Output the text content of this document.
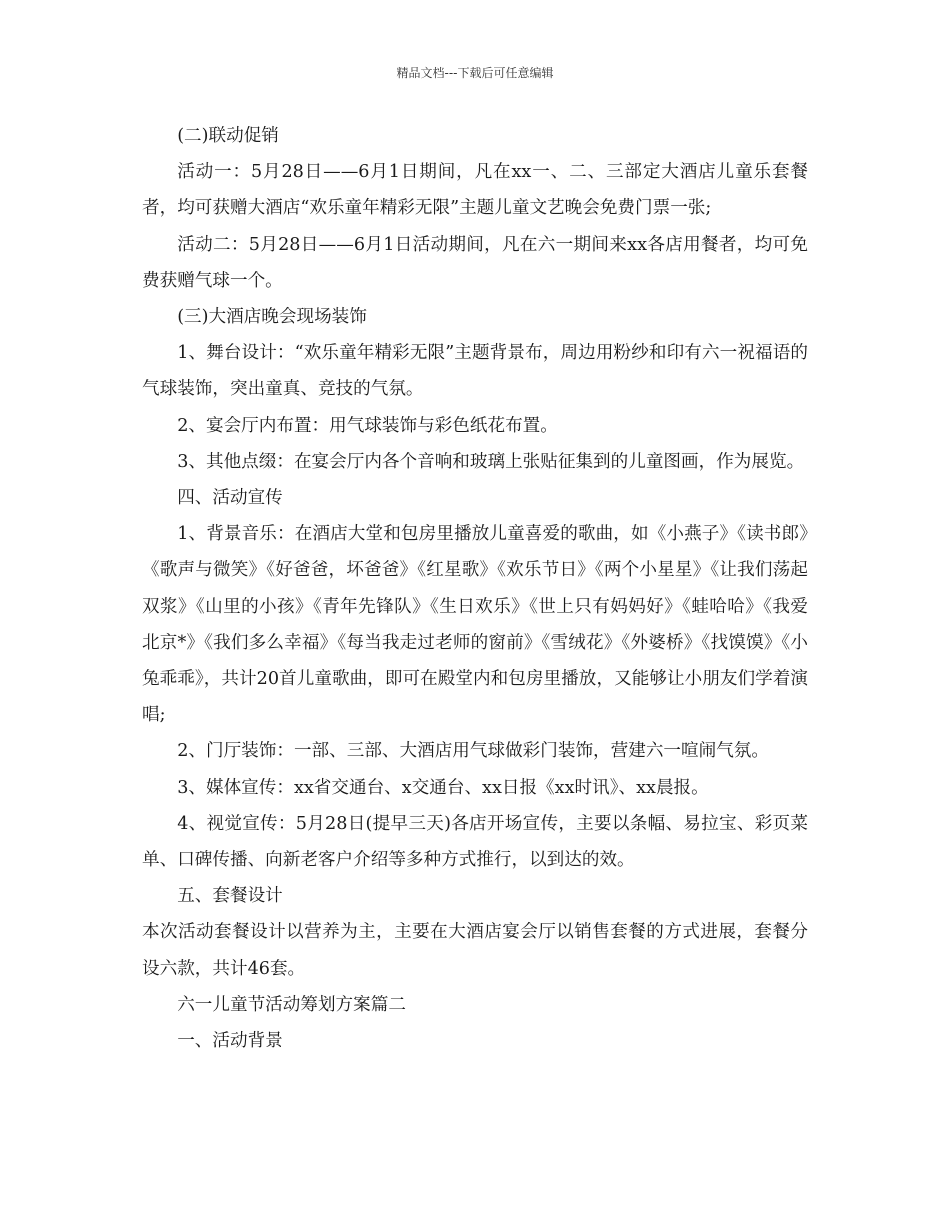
精品文档---下载后可任意编辑

(二)联动促销

活动一：5月28日——6月1日期间，凡在xx一、二、三部定大酒店儿童乐套餐者，均可获赠大酒店“欢乐童年精彩无限”主题儿童文艺晚会免费门票一张;

活动二：5月28日——6月1日活动期间，凡在六一期间来xx各店用餐者，均可免费获赠气球一个。

(三)大酒店晚会现场装饰

1、舞台设计：“欢乐童年精彩无限”主题背景布，周边用粉纱和印有六一祝福语的气球装饰，突出童真、竞技的气氛。

2、宴会厅内布置：用气球装饰与彩色纸花布置。

3、其他点缀：在宴会厅内各个音响和玻璃上张贴征集到的儿童图画，作为展览。

四、活动宣传

1、背景音乐：在酒店大堂和包房里播放儿童喜爱的歌曲，如《小燕子》《读书郎》《歌声与微笑》《好爸爸，坏爸爸》《红星歌》《欢乐节日》《两个小星星》《让我们荡起双浆》《山里的小孩》《青年先锋队》《生日欢乐》《世上只有妈妈好》《蛙哈哈》《我爱北京*》《我们多么幸福》《每当我走过老师的窗前》《雪绒花》《外婆桥》《找馍馍》《小兔乖乖》，共计20首儿童歌曲，即可在殿堂内和包房里播放，又能够让小朋友们学着演唱;

2、门厅装饰：一部、三部、大酒店用气球做彩门装饰，营建六一喧闹气氛。

3、媒体宣传：xx省交通台、x交通台、xx日报《xx时讯》、xx晨报。

4、视觉宣传：5月28日(提早三天)各店开场宣传，主要以条幅、易拉宝、彩页菜单、口碑传播、向新老客户介绍等多种方式推行，以到达的效。

五、套餐设计

本次活动套餐设计以营养为主，主要在大酒店宴会厅以销售套餐的方式进展，套餐分设六款，共计46套。

六一儿童节活动筹划方案篇二

一、活动背景
